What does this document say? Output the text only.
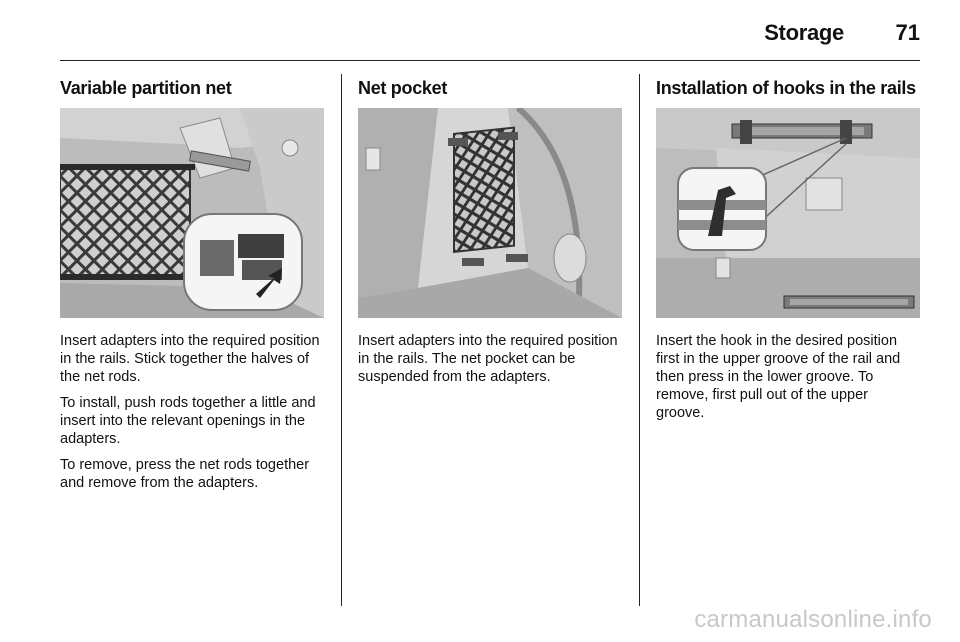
Storage 71
Variable partition net

Insert adapters into the required position in the rails. Stick together the halves of the net rods.

To install, push rods together a little and insert into the relevant openings in the adapters.

To remove, press the net rods together and remove from the adapters.

Net pocket

Insert adapters into the required position in the rails. The net pocket can be suspended from the adapters.

Installation of hooks in the rails

Insert the hook in the desired position first in the upper groove of the rail and then press in the lower groove. To remove, first pull out of the upper groove.

carmanualsonline.info
